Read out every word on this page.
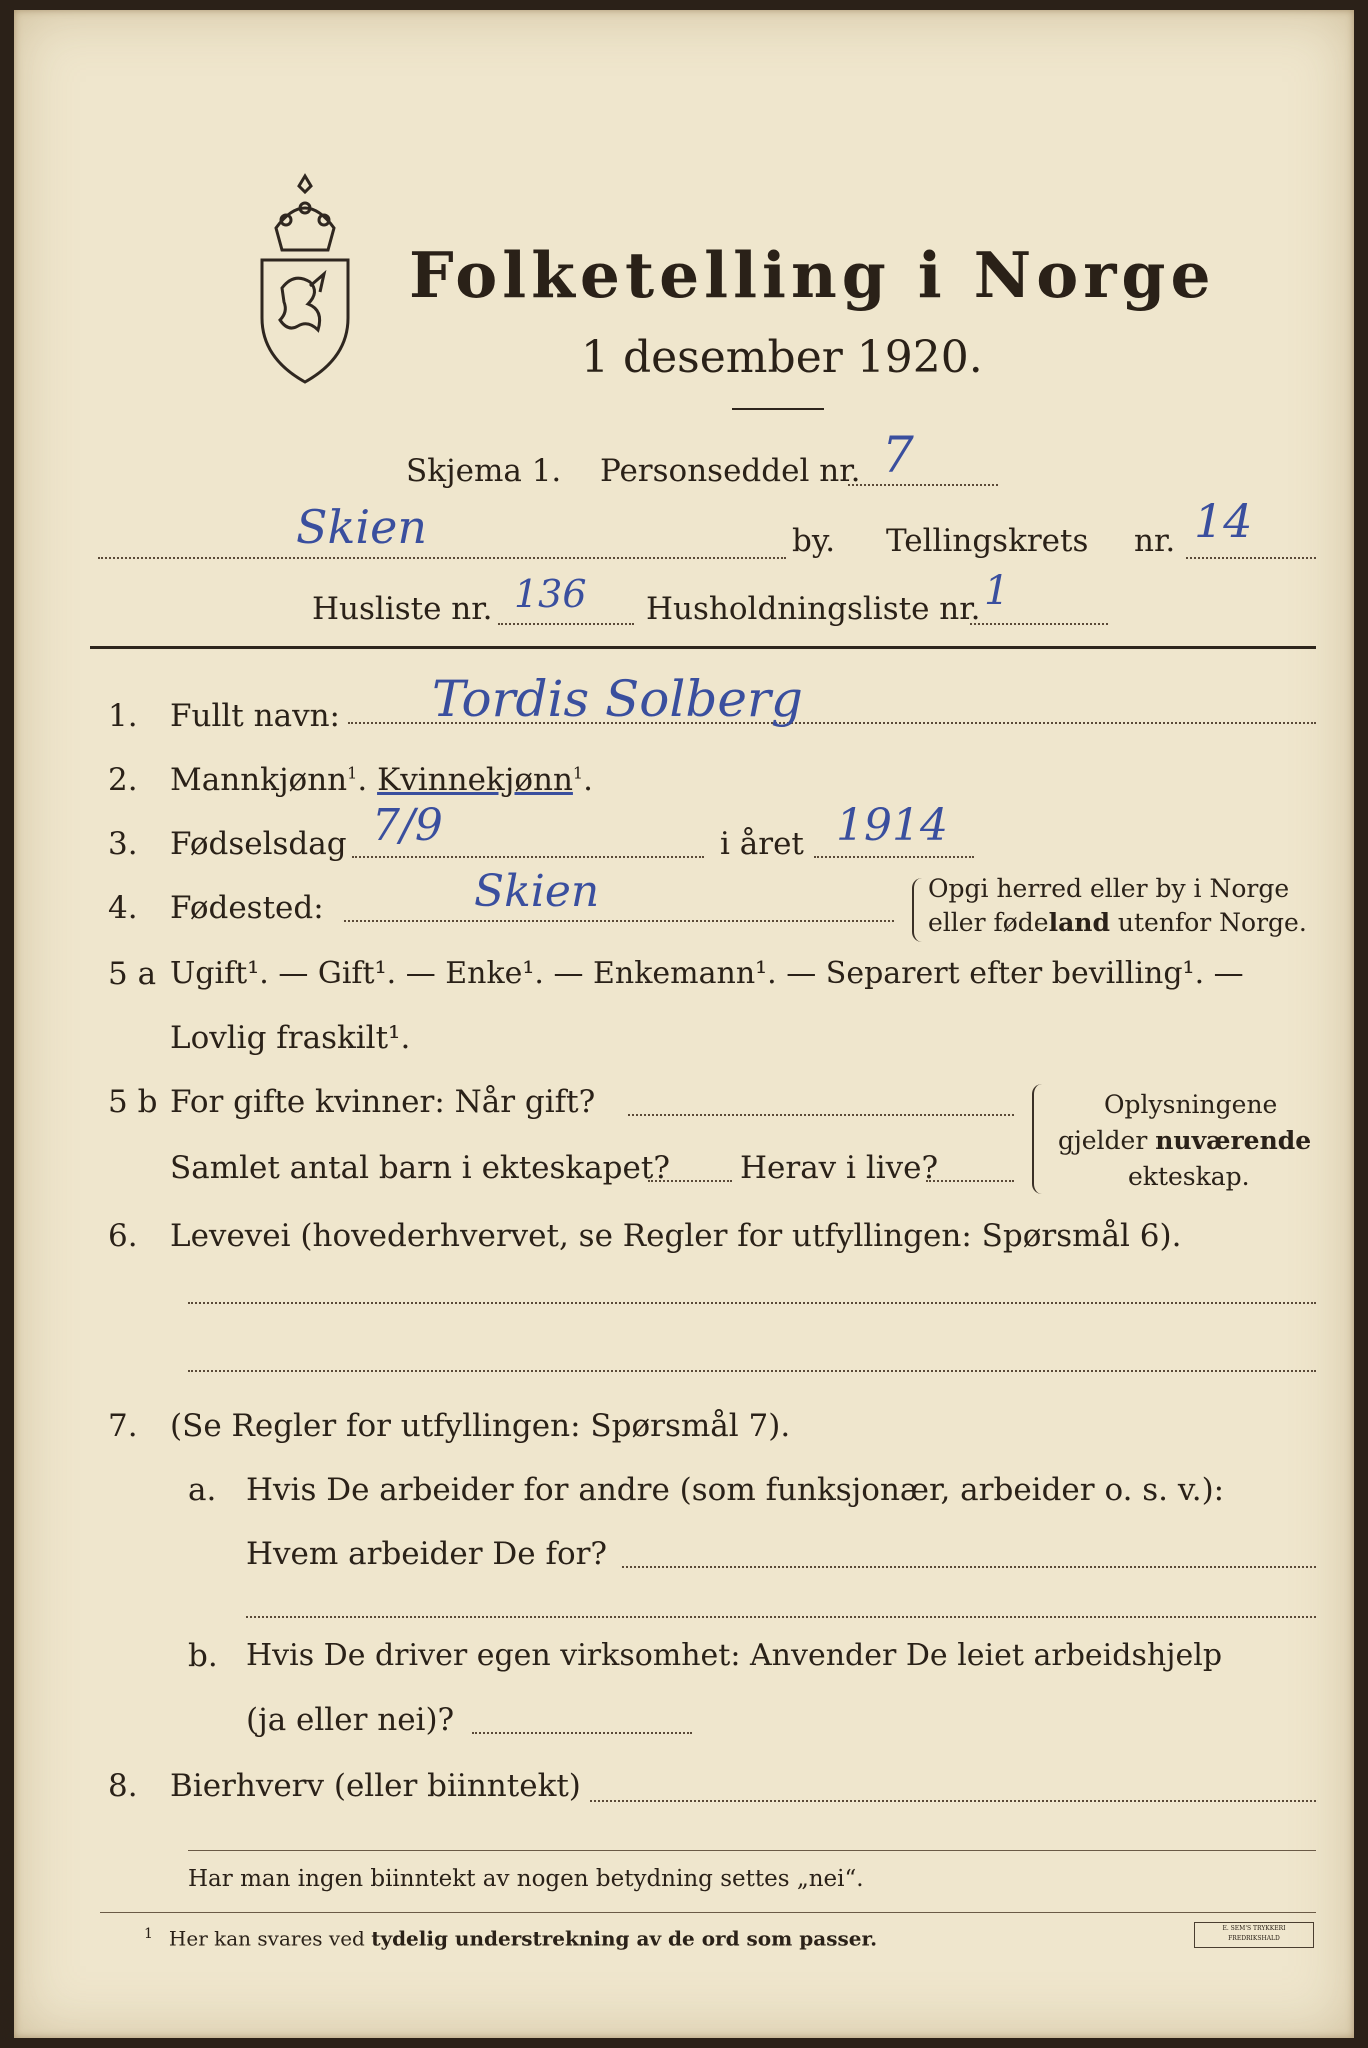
Folketelling i Norge
1 desember 1920.
Skjema 1. Personseddel nr. 7
Skien	by. Tellingskrets nr. 14
Husliste nr. 136 Husholdningsliste nr. 1
1. Fullt navn: Tordis Solberg
2. Mannkjønn$^1$. Kvinnekjønn$^1$.
3. Fødselsdag 7/9	i året 1914
4. Fødested:	Skien	Opgi herred eller by i Norge
eller fødeland utenfor Norge.
5 a Ugift¹. — Gift¹. — Enke¹. — Enkemann¹. — Separert efter bevilling¹. —
Lovlig fraskilt¹.
5 b For gifte kvinner: Når gift?
Samlet antal barn i ekteskapet? Herav i live?
Oplysningene
gjelder nuværende
ekteskap.
6. Levevei (hovederhvervet, se Regler for utfyllingen: Spørsmål 6).
7. (Se Regler for utfyllingen: Spørsmål 7).
a. Hvis De arbeider for andre (som funksjonær, arbeider o. s. v.):
Hvem arbeider De for?
b. Hvis De driver egen virksomhet: Anvender De leiet arbeidshjelp
(ja eller nei)?
8. Bierhverv (eller biinntekt)
Har man ingen biinntekt av nogen betydning settes „nei“.
$^1$ Her kan svares ved tydelig understrekning av de ord som passer.	E. SEM'S TRYKKERI FREDRIKSHALD
